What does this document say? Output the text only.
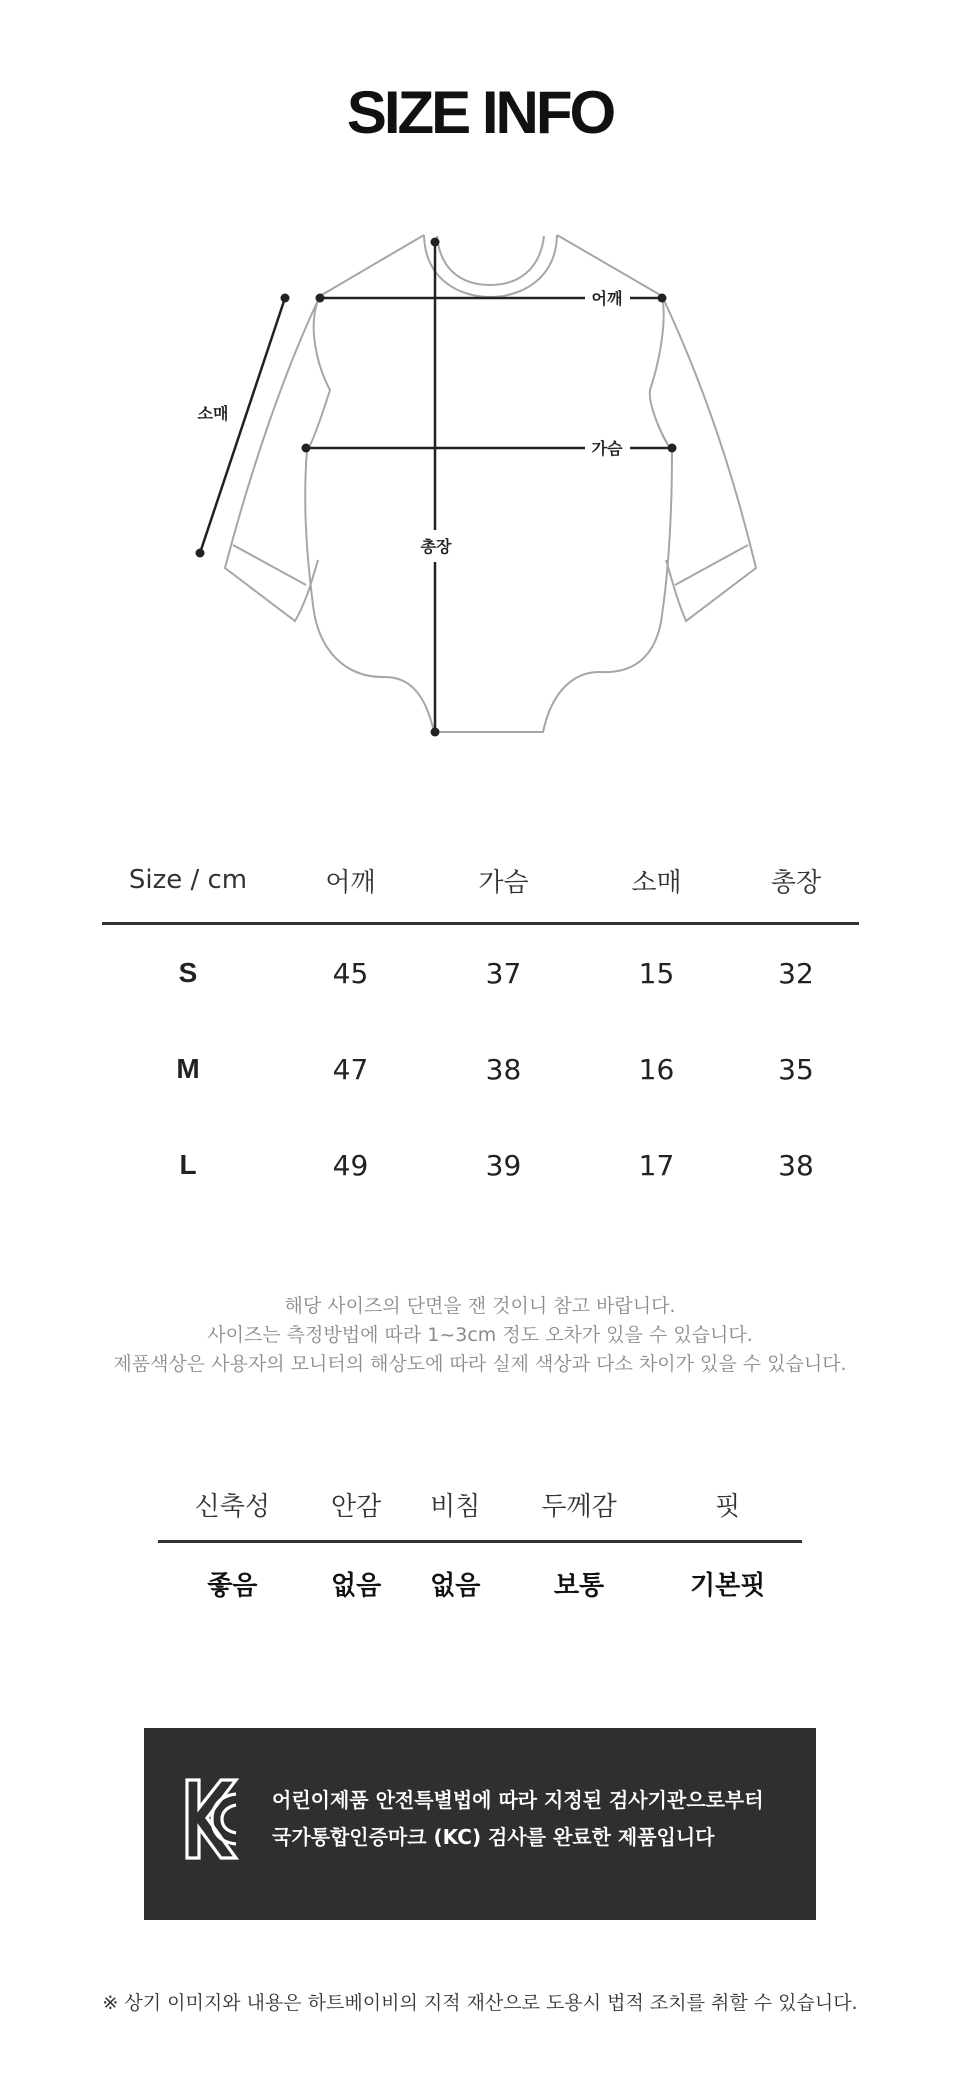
SIZE INFO
어깨
가슴
소매
총장
Size / cm	어깨	가슴	소매	총장
S	45	37	15	32
M	47	38	16	35
L	49	39	17	38
해당 사이즈의 단면을 잰 것이니 참고 바랍니다.
사이즈는 측정방법에 따라 1~3cm 정도 오차가 있을 수 있습니다.
제품색상은 사용자의 모니터의 해상도에 따라 실제 색상과 다소 차이가 있을 수 있습니다.
신축성	안감	비침	두께감	핏
좋음	없음	없음	보통	기본핏
어린이제품 안전특별법에 따라 지정된 검사기관으로부터
국가통합인증마크 (KC) 검사를 완료한 제품입니다
※ 상기 이미지와 내용은 하트베이비의 지적 재산으로 도용시 법적 조치를 취할 수 있습니다.
